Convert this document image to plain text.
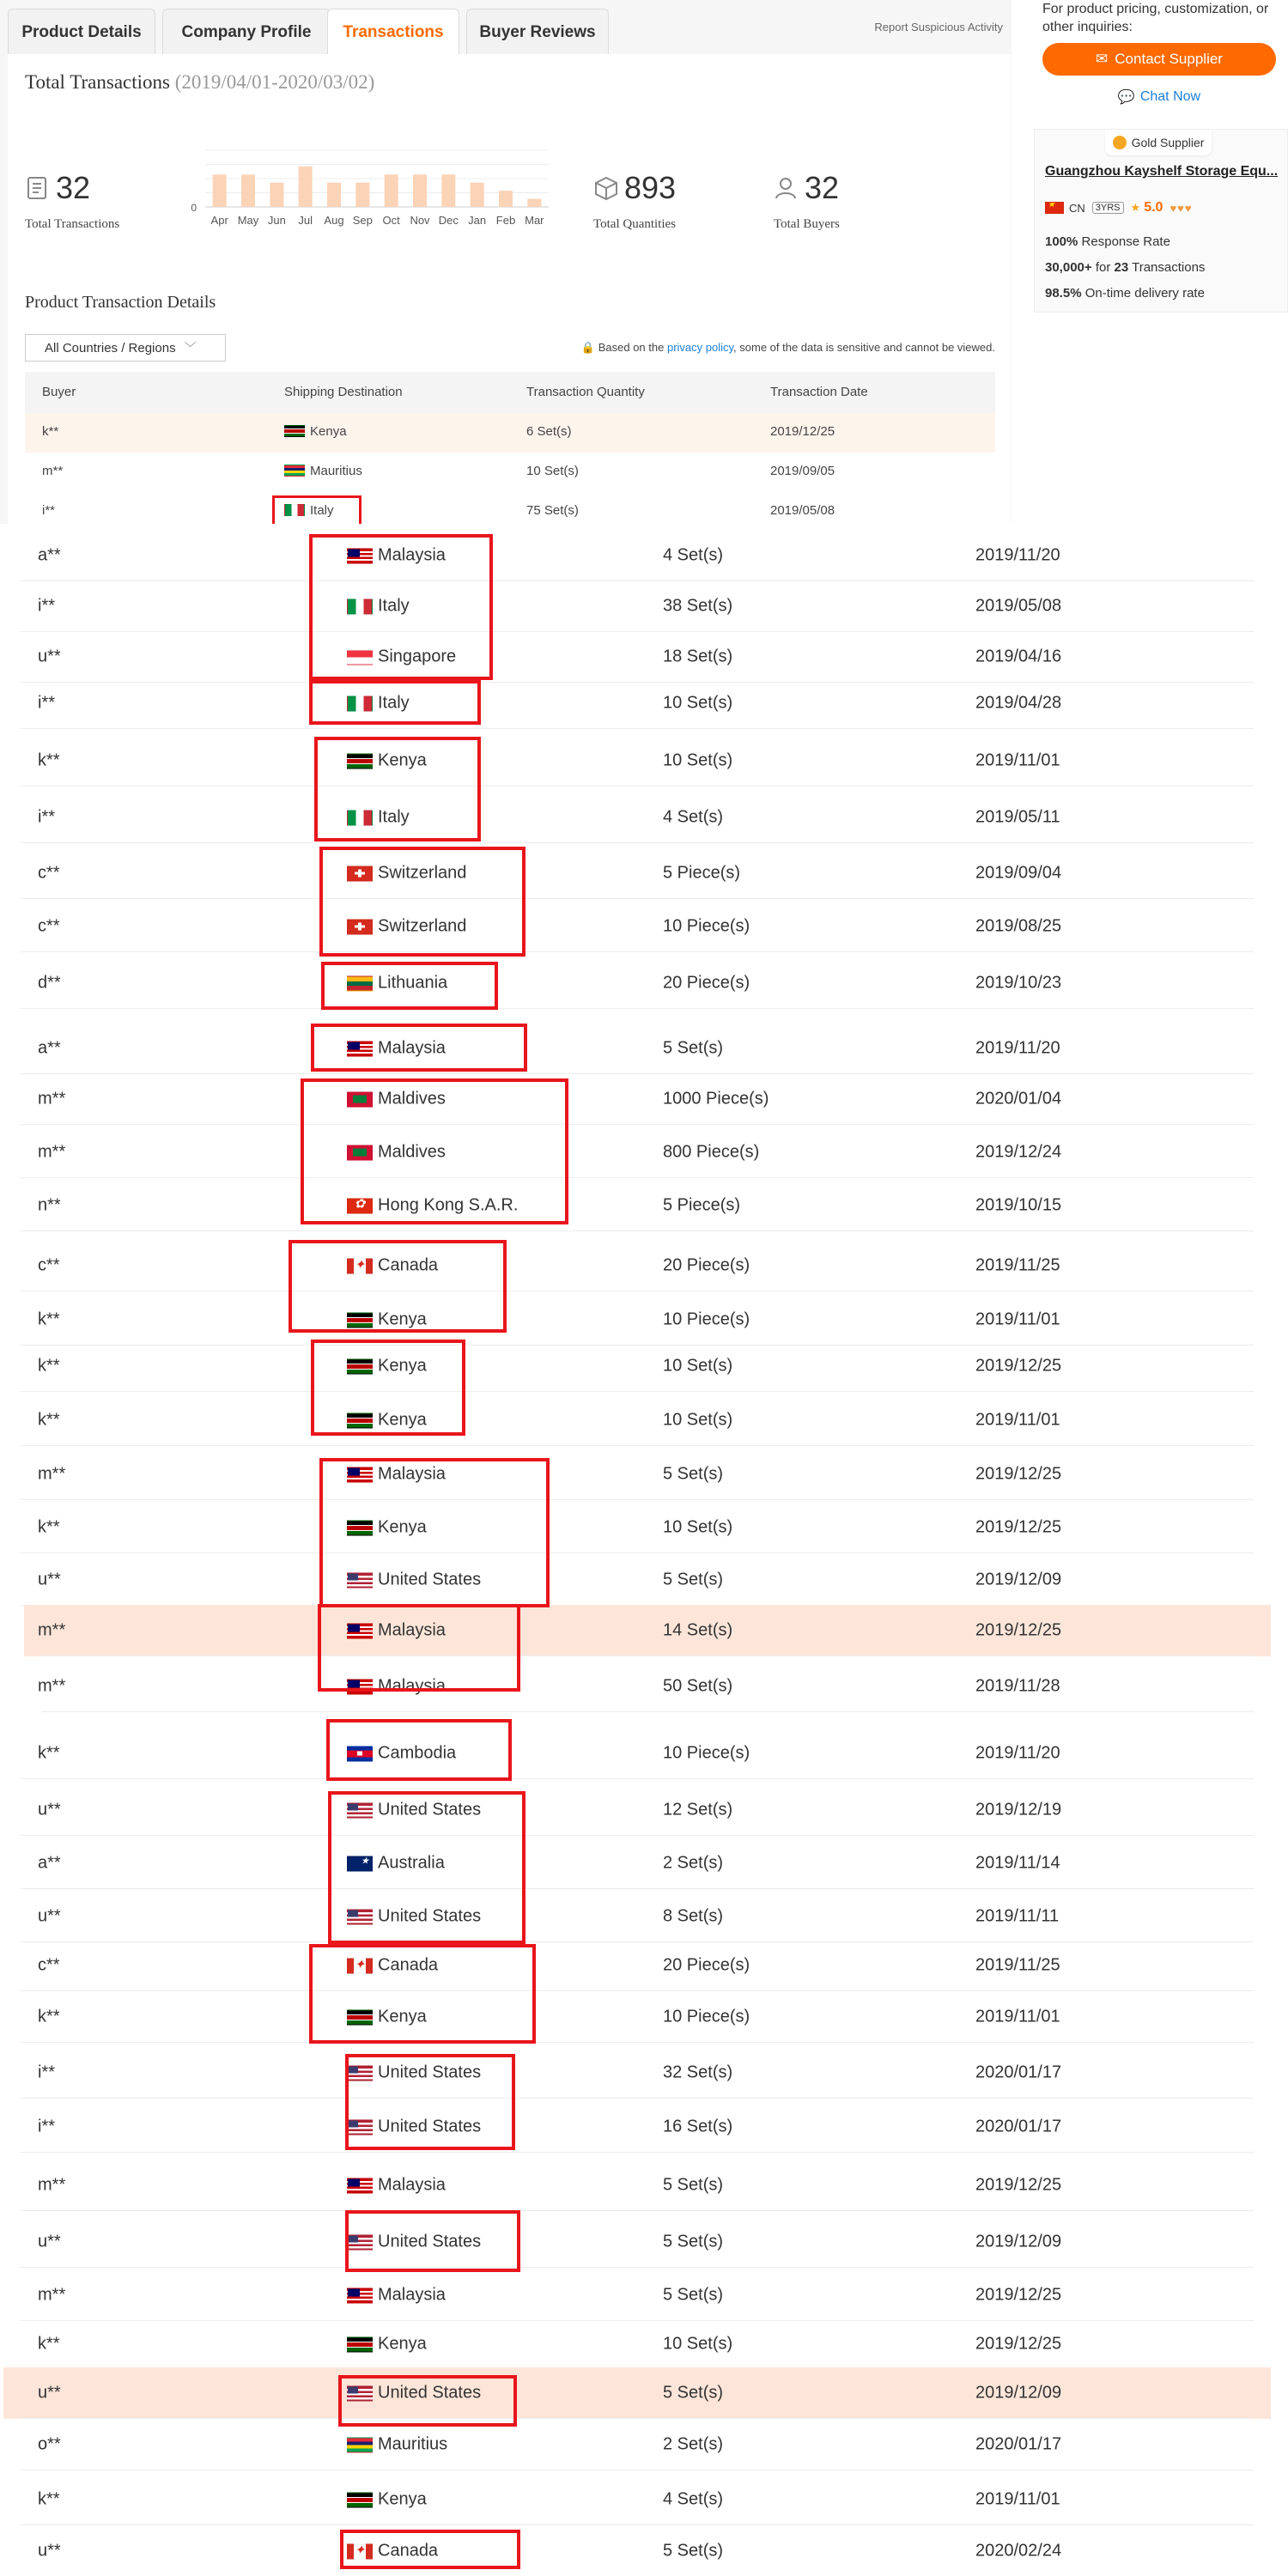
Product Details	Company Profile	Transactions	Buyer Reviews	Report Suspicious Activity
Total Transactions (2019/04/01-2020/03/02)
32
Total Transactions
0
Apr May Jun Jul Aug Sep Oct Nov Dec Jan Feb Mar
893
Total Quantities
32
Total Buyers
Product Transaction Details
All Countries / Regions ﹀	🔒 Based on the privacy policy, some of the data is sensitive and cannot be viewed.
Buyer	Shipping Destination	Transaction Quantity	Transaction Date
k**	Kenya	6 Set(s)	2019/12/25
m**	Mauritius	10 Set(s)	2019/09/05
i**	Italy	75 Set(s)	2019/05/08
For product pricing, customization, or other inquiries:
✉ Contact Supplier
💬 Chat Now
Gold Supplier
Guangzhou Kayshelf Storage Equ...
★
CN	3YRS ★ 5.0 ♥♥♥
100% Response Rate
30,000+ for 23 Transactions
98.5% On-time delivery rate
a**	Malaysia	4 Set(s)	2019/11/20
i**	Italy	38 Set(s)	2019/05/08
u**	Singapore	18 Set(s)	2019/04/16
i**	Italy	10 Set(s)	2019/04/28
k**	Kenya	10 Set(s)	2019/11/01
i**	Italy	4 Set(s)	2019/05/11
c**	Switzerland	5 Piece(s)	2019/09/04
c**	Switzerland	10 Piece(s)	2019/08/25
d**	Lithuania	20 Piece(s)	2019/10/23
a**	Malaysia	5 Set(s)	2019/11/20
m**	Maldives	1000 Piece(s)	2020/01/04
m**	Maldives	800 Piece(s)	2019/12/24
n** ✿	Hong Kong S.A.R.	5 Piece(s)	2019/10/15
c** ✦	Canada	20 Piece(s)	2019/11/25
k**	Kenya	10 Piece(s)	2019/11/01
k**	Kenya	10 Set(s)	2019/12/25
k**	Kenya	10 Set(s)	2019/11/01
m**	Malaysia	5 Set(s)	2019/12/25
k**	Kenya	10 Set(s)	2019/12/25
u**	United States	5 Set(s)	2019/12/09
m**	Malaysia	14 Set(s)	2019/12/25
m**	Malaysia	50 Set(s)	2019/11/28
k**	Cambodia	10 Piece(s)	2019/11/20
u**	United States	12 Set(s)	2019/12/19
a** ★	Australia	2 Set(s)	2019/11/14
u**	United States	8 Set(s)	2019/11/11
c** ✦	Canada	20 Piece(s)	2019/11/25
k**	Kenya	10 Piece(s)	2019/11/01
i**	United States	32 Set(s)	2020/01/17
i**	United States	16 Set(s)	2020/01/17
m**	Malaysia	5 Set(s)	2019/12/25
u**	United States	5 Set(s)	2019/12/09
m**	Malaysia	5 Set(s)	2019/12/25
k**	Kenya	10 Set(s)	2019/12/25
u**	United States	5 Set(s)	2019/12/09
o**	Mauritius	2 Set(s)	2020/01/17
k**	Kenya	4 Set(s)	2019/11/01
u** ✦	Canada	5 Set(s)	2020/02/24
